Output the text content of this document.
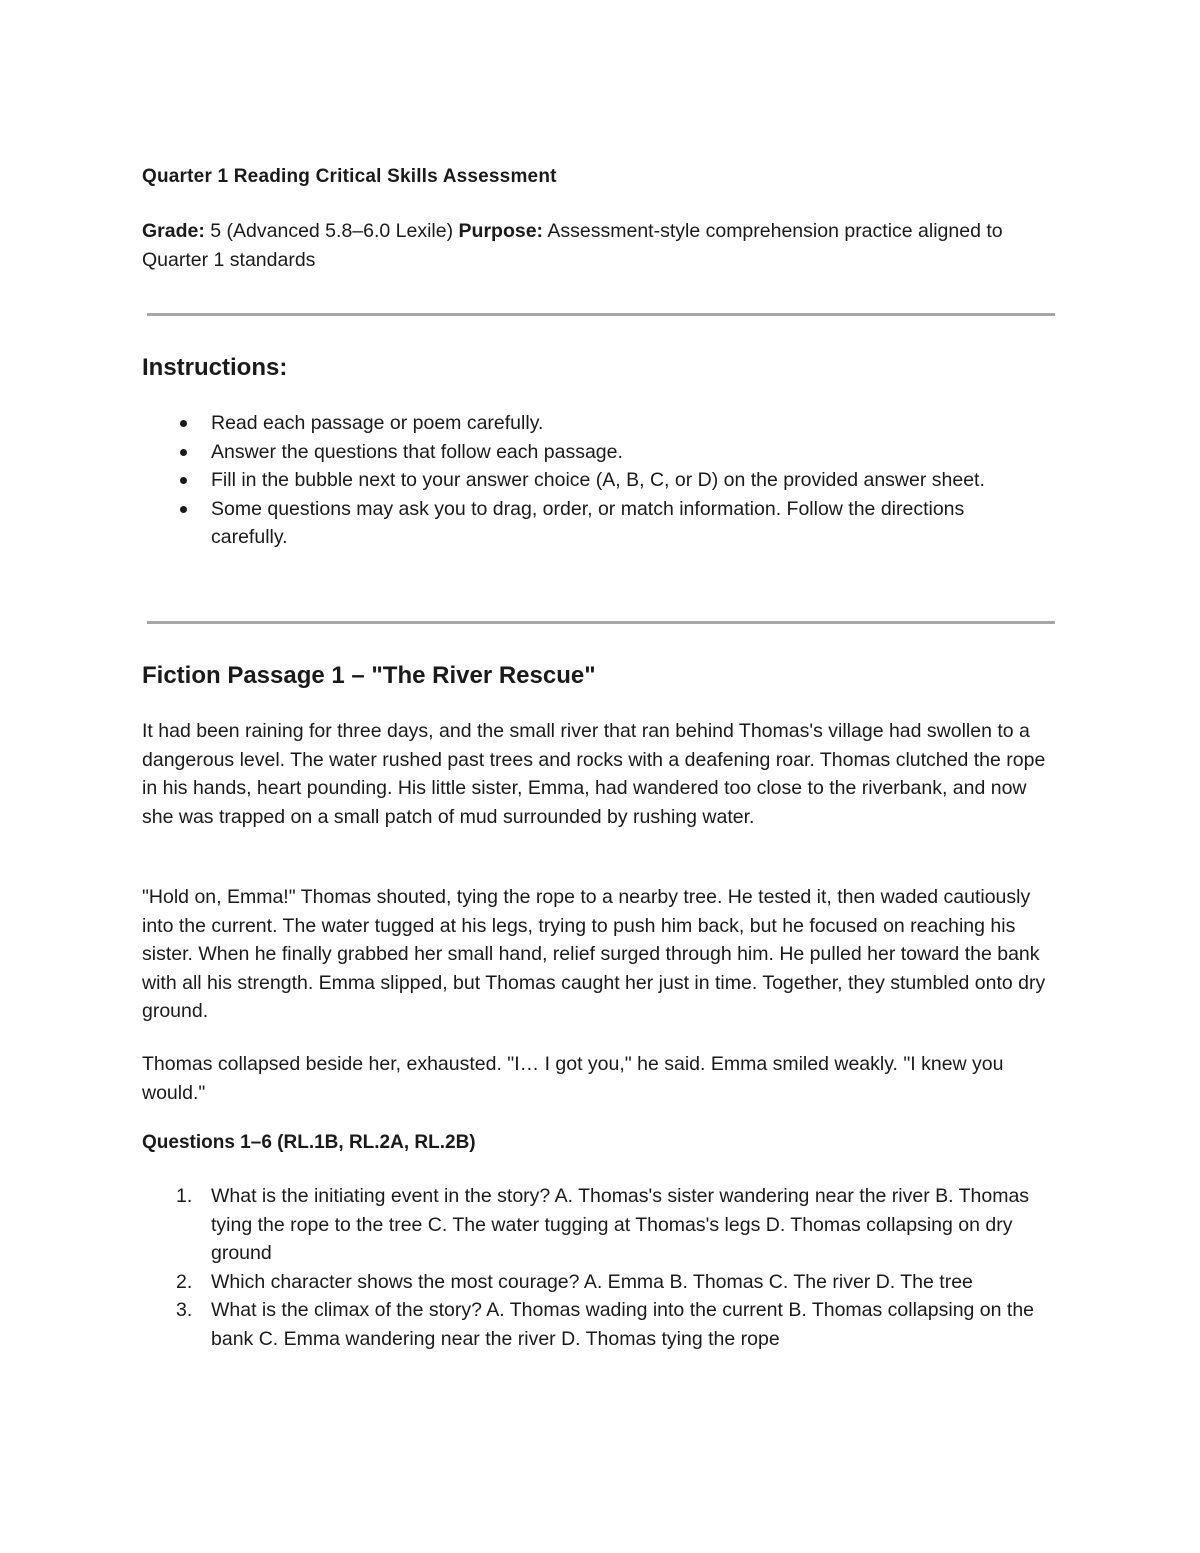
Quarter 1 Reading Critical Skills Assessment

Grade: 5 (Advanced 5.8–6.0 Lexile) Purpose: Assessment-style comprehension practice aligned to Quarter 1 standards

Instructions:
Read each passage or poem carefully.
Answer the questions that follow each passage.
Fill in the bubble next to your answer choice (A, B, C, or D) on the provided answer sheet.
Some questions may ask you to drag, order, or match information. Follow the directions carefully.
Fiction Passage 1 – "The River Rescue"

It had been raining for three days, and the small river that ran behind Thomas's village had swollen to a dangerous level. The water rushed past trees and rocks with a deafening roar. Thomas clutched the rope in his hands, heart pounding. His little sister, Emma, had wandered too close to the riverbank, and now she was trapped on a small patch of mud surrounded by rushing water.

"Hold on, Emma!" Thomas shouted, tying the rope to a nearby tree. He tested it, then waded cautiously into the current. The water tugged at his legs, trying to push him back, but he focused on reaching his sister. When he finally grabbed her small hand, relief surged through him. He pulled her toward the bank with all his strength. Emma slipped, but Thomas caught her just in time. Together, they stumbled onto dry ground.

Thomas collapsed beside her, exhausted. "I… I got you," he said. Emma smiled weakly. "I knew you would."

Questions 1–6 (RL.1B, RL.2A, RL.2B)
1. What is the initiating event in the story? A. Thomas's sister wandering near the river B. Thomas tying the rope to the tree C. The water tugging at Thomas's legs D. Thomas collapsing on dry ground
2. Which character shows the most courage? A. Emma B. Thomas C. The river D. The tree
3. What is the climax of the story? A. Thomas wading into the current B. Thomas collapsing on the bank C. Emma wandering near the river D. Thomas tying the rope
